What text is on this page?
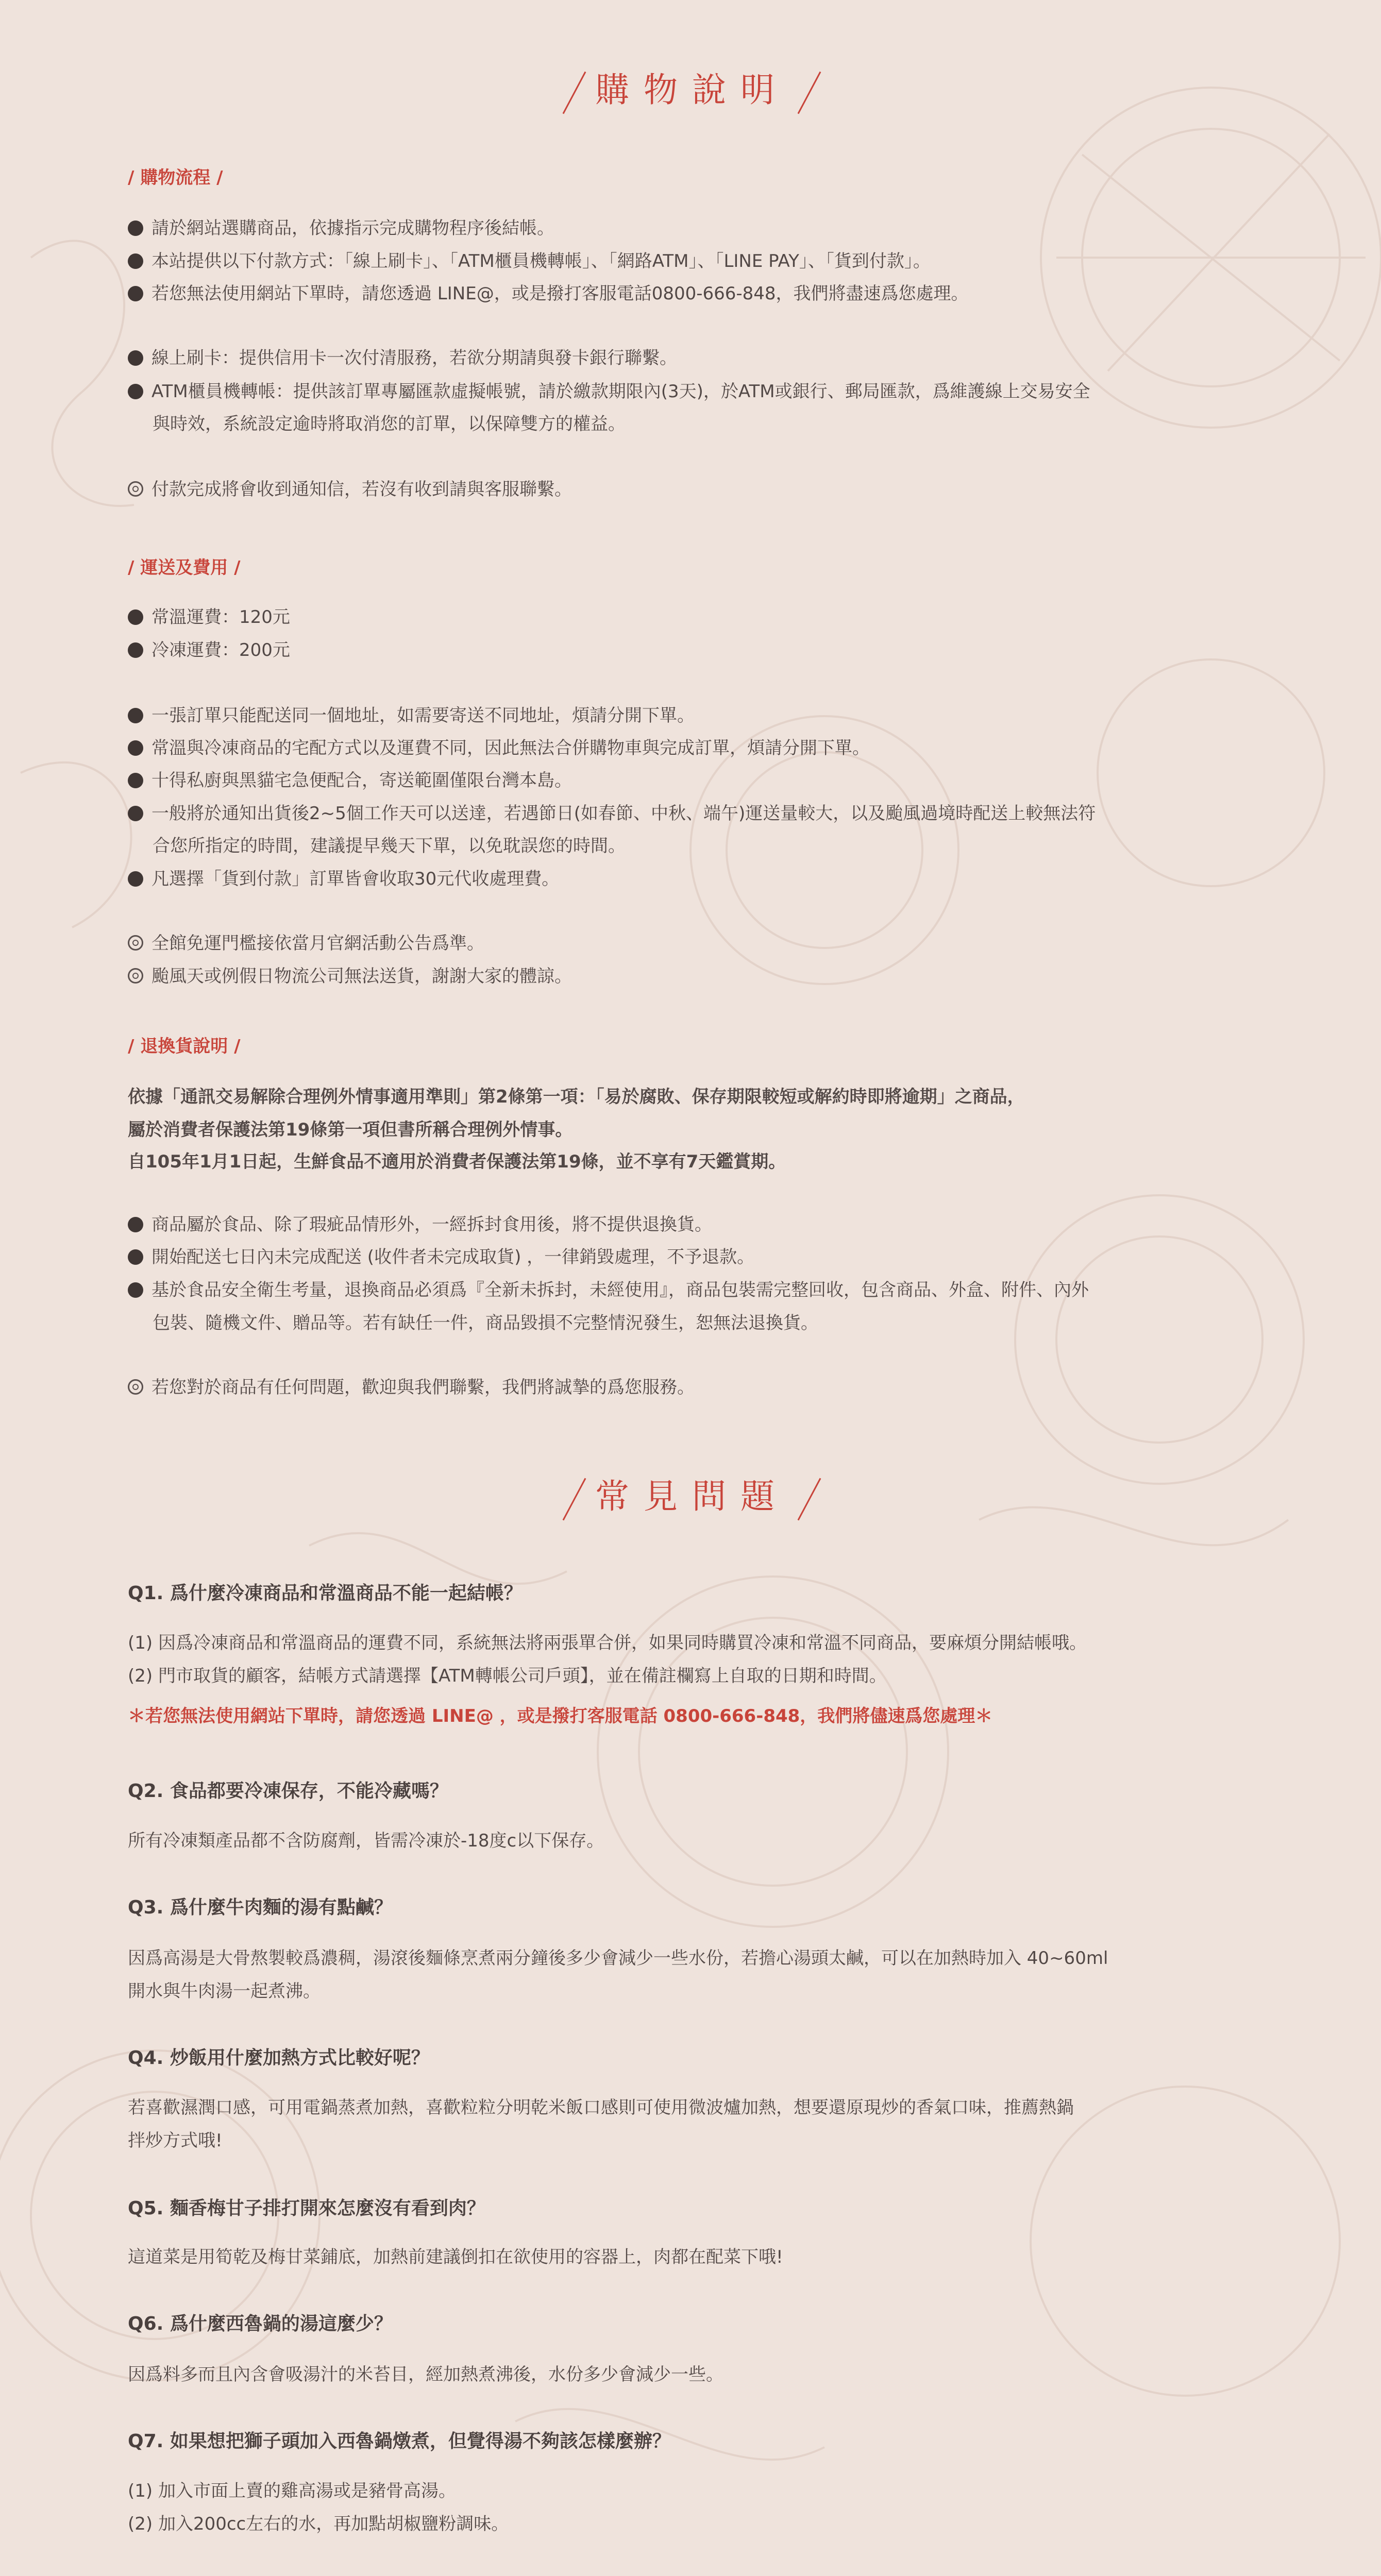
購物說明
/ 購物流程 /
請於網站選購商品，依據指示完成購物程序後結帳。
本站提供以下付款方式：「線上刷卡」、「ATM櫃員機轉帳」、「網路ATM」、「LINE PAY」、「貨到付款」。
若您無法使用網站下單時，請您透過 LINE@，或是撥打客服電話0800-666-848，我們將盡速爲您處理。
線上刷卡：提供信用卡一次付清服務，若欲分期請與發卡銀行聯繫。
ATM櫃員機轉帳：提供該訂單專屬匯款虛擬帳號，請於繳款期限內(3天)，於ATM或銀行、郵局匯款，爲維護線上交易安全
與時效，系統設定逾時將取消您的訂單，以保障雙方的權益。
付款完成將會收到通知信，若沒有收到請與客服聯繫。
/ 運送及費用 /
常溫運費：120元
冷凍運費：200元
一張訂單只能配送同一個地址，如需要寄送不同地址，煩請分開下單。
常溫與冷凍商品的宅配方式以及運費不同，因此無法合併購物車與完成訂單，煩請分開下單。
十得私廚與黑貓宅急便配合，寄送範圍僅限台灣本島。
一般將於通知出貨後2~5個工作天可以送達，若遇節日(如春節、中秋、端午)運送量較大，以及颱風過境時配送上較無法符
合您所指定的時間，建議提早幾天下單，以免耽誤您的時間。
凡選擇「貨到付款」訂單皆會收取30元代收處理費。
全館免運門檻接依當月官網活動公告爲準。
颱風天或例假日物流公司無法送貨，謝謝大家的體諒。
/ 退換貨說明 /
依據「通訊交易解除合理例外情事適用準則」第2條第一項：「易於腐敗、保存期限較短或解約時即將逾期」之商品，
屬於消費者保護法第19條第一項但書所稱合理例外情事。
自105年1月1日起，生鮮食品不適用於消費者保護法第19條，並不享有7天鑑賞期。
商品屬於食品、除了瑕疵品情形外，一經拆封食用後，將不提供退換貨。
開始配送七日內未完成配送 (收件者未完成取貨) ，一律銷毀處理，不予退款。
基於食品安全衛生考量，退換商品必須爲『全新未拆封，未經使用』，商品包裝需完整回收，包含商品、外盒、附件、內外
包裝、隨機文件、贈品等。若有缺任一件，商品毀損不完整情況發生，恕無法退換貨。
若您對於商品有任何問題，歡迎與我們聯繫，我們將誠摯的爲您服務。
常見問題
Q1. 爲什麼冷凍商品和常溫商品不能一起結帳？
(1) 因爲冷凍商品和常溫商品的運費不同，系統無法將兩張單合併，如果同時購買冷凍和常溫不同商品，要麻煩分開結帳哦。
(2) 門市取貨的顧客，結帳方式請選擇【ATM轉帳公司戶頭】，並在備註欄寫上自取的日期和時間。
＊若您無法使用網站下單時，請您透過 LINE@ ，或是撥打客服電話 0800-666-848，我們將儘速爲您處理＊
Q2. 食品都要冷凍保存，不能冷藏嗎？
所有冷凍類產品都不含防腐劑，皆需冷凍於-18度c以下保存。
Q3. 爲什麼牛肉麵的湯有點鹹？
因爲高湯是大骨熬製較爲濃稠，湯滾後麵條烹煮兩分鐘後多少會減少一些水份，若擔心湯頭太鹹，可以在加熱時加入 40~60ml
開水與牛肉湯一起煮沸。
Q4. 炒飯用什麼加熱方式比較好呢？
若喜歡濕潤口感，可用電鍋蒸煮加熱，喜歡粒粒分明乾米飯口感則可使用微波爐加熱，想要還原現炒的香氣口味，推薦熱鍋
拌炒方式哦!
Q5. 麵香梅甘子排打開來怎麼沒有看到肉？
這道菜是用筍乾及梅甘菜鋪底，加熱前建議倒扣在欲使用的容器上，肉都在配菜下哦!
Q6. 爲什麼西魯鍋的湯這麼少？
因爲料多而且內含會吸湯汁的米苔目，經加熱煮沸後，水份多少會減少一些。
Q7. 如果想把獅子頭加入西魯鍋燉煮，但覺得湯不夠該怎樣麼辦？
(1) 加入市面上賣的雞高湯或是豬骨高湯。
(2) 加入200cc左右的水，再加點胡椒鹽粉調味。
